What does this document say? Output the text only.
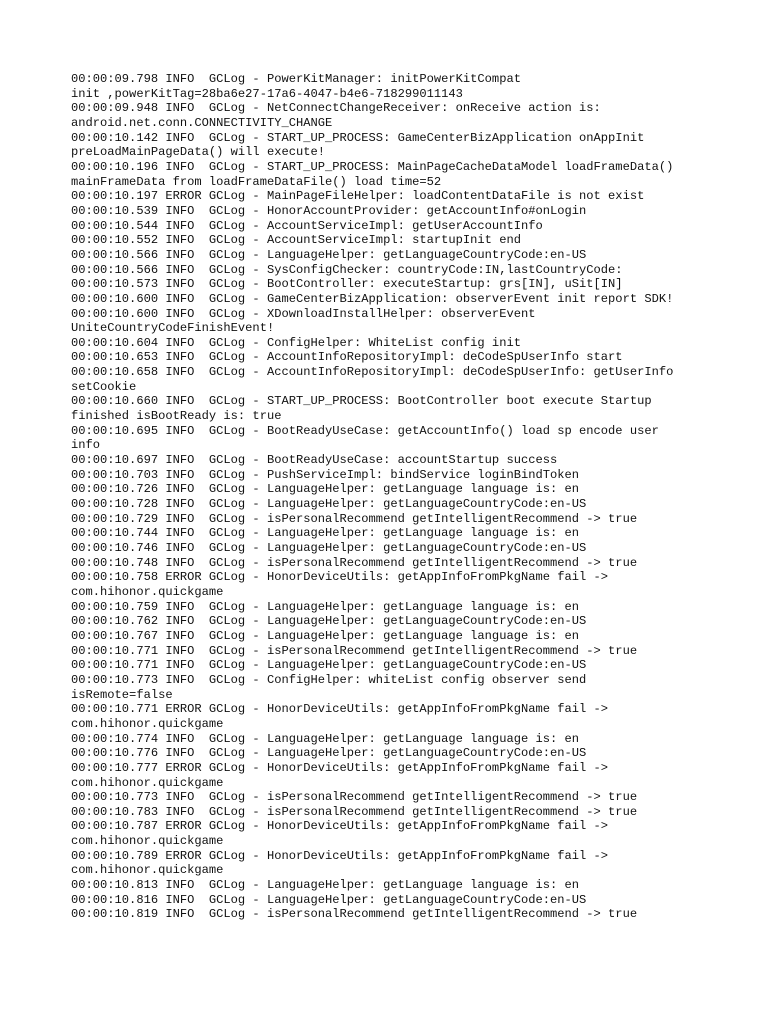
00:00:09.798 INFO  GCLog - PowerKitManager: initPowerKitCompat
init ,powerKitTag=28ba6e27-17a6-4047-b4e6-718299011143
00:00:09.948 INFO  GCLog - NetConnectChangeReceiver: onReceive action is:
android.net.conn.CONNECTIVITY_CHANGE
00:00:10.142 INFO  GCLog - START_UP_PROCESS: GameCenterBizApplication onAppInit
preLoadMainPageData() will execute!
00:00:10.196 INFO  GCLog - START_UP_PROCESS: MainPageCacheDataModel loadFrameData()
mainFrameData from loadFrameDataFile() load time=52
00:00:10.197 ERROR GCLog - MainPageFileHelper: loadContentDataFile is not exist
00:00:10.539 INFO  GCLog - HonorAccountProvider: getAccountInfo#onLogin
00:00:10.544 INFO  GCLog - AccountServiceImpl: getUserAccountInfo
00:00:10.552 INFO  GCLog - AccountServiceImpl: startupInit end
00:00:10.566 INFO  GCLog - LanguageHelper: getLanguageCountryCode:en-US
00:00:10.566 INFO  GCLog - SysConfigChecker: countryCode:IN,lastCountryCode:
00:00:10.573 INFO  GCLog - BootController: executeStartup: grs[IN], uSit[IN]
00:00:10.600 INFO  GCLog - GameCenterBizApplication: observerEvent init report SDK!
00:00:10.600 INFO  GCLog - XDownloadInstallHelper: observerEvent
UniteCountryCodeFinishEvent!
00:00:10.604 INFO  GCLog - ConfigHelper: WhiteList config init
00:00:10.653 INFO  GCLog - AccountInfoRepositoryImpl: deCodeSpUserInfo start
00:00:10.658 INFO  GCLog - AccountInfoRepositoryImpl: deCodeSpUserInfo: getUserInfo
setCookie
00:00:10.660 INFO  GCLog - START_UP_PROCESS: BootController boot execute Startup
finished isBootReady is: true
00:00:10.695 INFO  GCLog - BootReadyUseCase: getAccountInfo() load sp encode user
info
00:00:10.697 INFO  GCLog - BootReadyUseCase: accountStartup success
00:00:10.703 INFO  GCLog - PushServiceImpl: bindService loginBindToken
00:00:10.726 INFO  GCLog - LanguageHelper: getLanguage language is: en
00:00:10.728 INFO  GCLog - LanguageHelper: getLanguageCountryCode:en-US
00:00:10.729 INFO  GCLog - isPersonalRecommend getIntelligentRecommend -> true
00:00:10.744 INFO  GCLog - LanguageHelper: getLanguage language is: en
00:00:10.746 INFO  GCLog - LanguageHelper: getLanguageCountryCode:en-US
00:00:10.748 INFO  GCLog - isPersonalRecommend getIntelligentRecommend -> true
00:00:10.758 ERROR GCLog - HonorDeviceUtils: getAppInfoFromPkgName fail ->
com.hihonor.quickgame
00:00:10.759 INFO  GCLog - LanguageHelper: getLanguage language is: en
00:00:10.762 INFO  GCLog - LanguageHelper: getLanguageCountryCode:en-US
00:00:10.767 INFO  GCLog - LanguageHelper: getLanguage language is: en
00:00:10.771 INFO  GCLog - isPersonalRecommend getIntelligentRecommend -> true
00:00:10.771 INFO  GCLog - LanguageHelper: getLanguageCountryCode:en-US
00:00:10.773 INFO  GCLog - ConfigHelper: whiteList config observer send
isRemote=false
00:00:10.771 ERROR GCLog - HonorDeviceUtils: getAppInfoFromPkgName fail ->
com.hihonor.quickgame
00:00:10.774 INFO  GCLog - LanguageHelper: getLanguage language is: en
00:00:10.776 INFO  GCLog - LanguageHelper: getLanguageCountryCode:en-US
00:00:10.777 ERROR GCLog - HonorDeviceUtils: getAppInfoFromPkgName fail ->
com.hihonor.quickgame
00:00:10.773 INFO  GCLog - isPersonalRecommend getIntelligentRecommend -> true
00:00:10.783 INFO  GCLog - isPersonalRecommend getIntelligentRecommend -> true
00:00:10.787 ERROR GCLog - HonorDeviceUtils: getAppInfoFromPkgName fail ->
com.hihonor.quickgame
00:00:10.789 ERROR GCLog - HonorDeviceUtils: getAppInfoFromPkgName fail ->
com.hihonor.quickgame
00:00:10.813 INFO  GCLog - LanguageHelper: getLanguage language is: en
00:00:10.816 INFO  GCLog - LanguageHelper: getLanguageCountryCode:en-US
00:00:10.819 INFO  GCLog - isPersonalRecommend getIntelligentRecommend -> true
